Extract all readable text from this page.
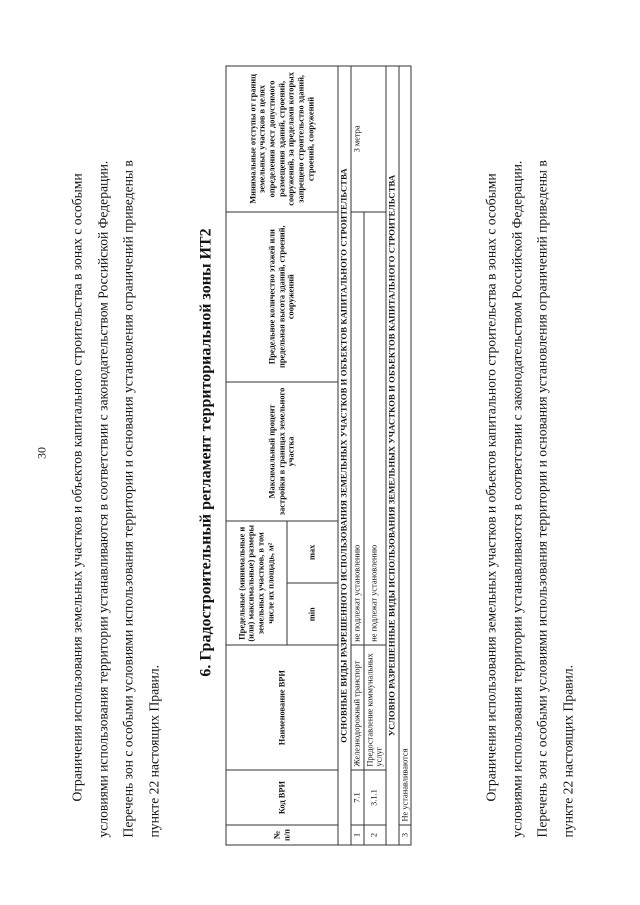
30	Ограничения использования земельных участков и объектов капитального строительства в зонах с особыми условиями использования территории устанавливаются в соответствии с законодательством Российской Федерации. Перечень зон с особыми условиями использования территории и основания установления ограничений приведены в пункте 22 настоящих Правил.
6. Градостроительный регламент территориальной зоны ИТ2
№ п/п	Код ВРИ	Наименование ВРИ	Предельные (минимальные и (или) максимальные) размеры земельных участков, в том числе их площадь, м²		Максимальный процент застройки в границах земельного участка	Предельное количество этажей или предельная высота зданий, строений, сооружений	Минимальные отступы от границ земельных участков в целях определения мест допустимого размещения зданий, строений, сооружений, за пределами которых запрещено строительство зданий, строений, сооружений
			min	max			
ОСНОВНЫЕ ВИДЫ РАЗРЕШЕННОГО ИСПОЛЬЗОВАНИЯ ЗЕМЕЛЬНЫХ УЧАСТКОВ И ОБЪЕКТОВ КАПИТАЛЬНОГО СТРОИТЕЛЬСТВА							
1	7.1	Железнодорожный транспорт	не подлежат установлению				3 метра
2	3.1.1	Предоставление коммунальных услуг	не подлежат установлению				
УСЛОВНО РАЗРЕШЕННЫЕ ВИДЫ ИСПОЛЬЗОВАНИЯ ЗЕМЕЛЬНЫХ УЧАСТКОВ И ОБЪЕКТОВ КАПИТАЛЬНОГО СТРОИТЕЛЬСТВА							
3	Не устанавливаются							Ограничения использования земельных участков и объектов капитального строительства в зонах с особыми условиями использования территории устанавливаются в соответствии с законодательством Российской Федерации. Перечень зон с особыми условиями использования территории и основания установления ограничений приведены в пункте 22 настоящих Правил.
